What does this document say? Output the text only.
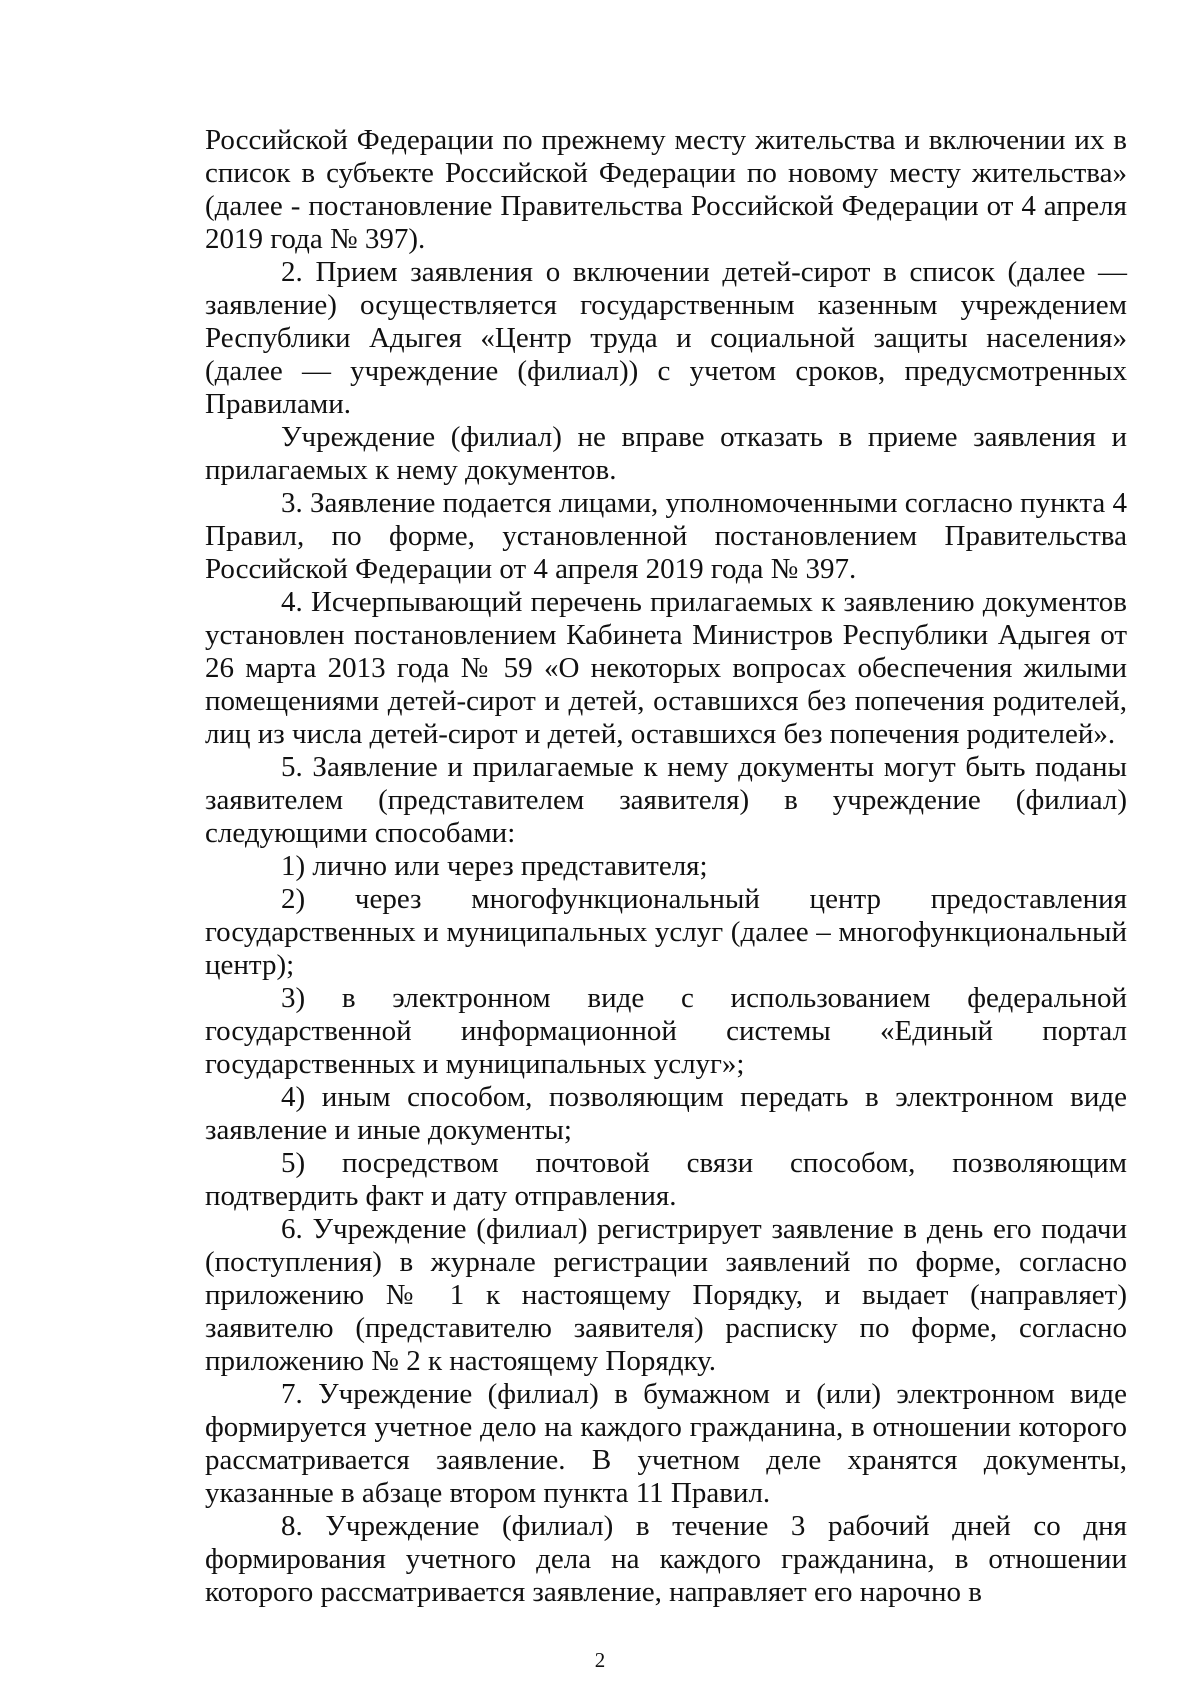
Российской Федерации по прежнему месту жительства и включении их в список в субъекте Российской Федерации по новому месту жительства» (далее - постановление Правительства Российской Федерации от 4 апреля 2019 года № 397).

2. Прием заявления о включении детей-сирот в список (далее — заявление) осуществляется государственным казенным учреждением Республики Адыгея «Центр труда и социальной защиты населения» (далее — учреждение (филиал)) с учетом сроков, предусмотренных Правилами.

Учреждение (филиал) не вправе отказать в приеме заявления и прилагаемых к нему документов.

3. Заявление подается лицами, уполномоченными согласно пункта 4 Правил, по форме, установленной постановлением Правительства Российской Федерации от 4 апреля 2019 года № 397.

4. Исчерпывающий перечень прилагаемых к заявлению документов установлен постановлением Кабинета Министров Республики Адыгея от 26 марта 2013 года № 59 «О некоторых вопросах обеспечения жилыми помещениями детей-сирот и детей, оставшихся без попечения родителей, лиц из числа детей-сирот и детей, оставшихся без попечения родителей».

5. Заявление и прилагаемые к нему документы могут быть поданы заявителем (представителем заявителя) в учреждение (филиал) следующими способами:

1) лично или через представителя;

2) через многофункциональный центр предоставления государственных и муниципальных услуг (далее – многофункциональный центр);

3) в электронном виде с использованием федеральной государственной информационной системы «Единый портал государственных и муниципальных услуг»;

4) иным способом, позволяющим передать в электронном виде заявление и иные документы;

5) посредством почтовой связи способом, позволяющим подтвердить факт и дату отправления.

6. Учреждение (филиал) регистрирует заявление в день его подачи (поступления) в журнале регистрации заявлений по форме, согласно приложению № 1 к настоящему Порядку, и выдает (направляет) заявителю (представителю заявителя) расписку по форме, согласно приложению № 2 к настоящему Порядку.

7. Учреждение (филиал) в бумажном и (или) электронном виде формируется учетное дело на каждого гражданина, в отношении которого рассматривается заявление. В учетном деле хранятся документы, указанные в абзаце втором пункта 11 Правил.

8. Учреждение (филиал) в течение 3 рабочий дней со дня формирования учетного дела на каждого гражданина, в отношении которого рассматривается заявление, направляет его нарочно в

2
